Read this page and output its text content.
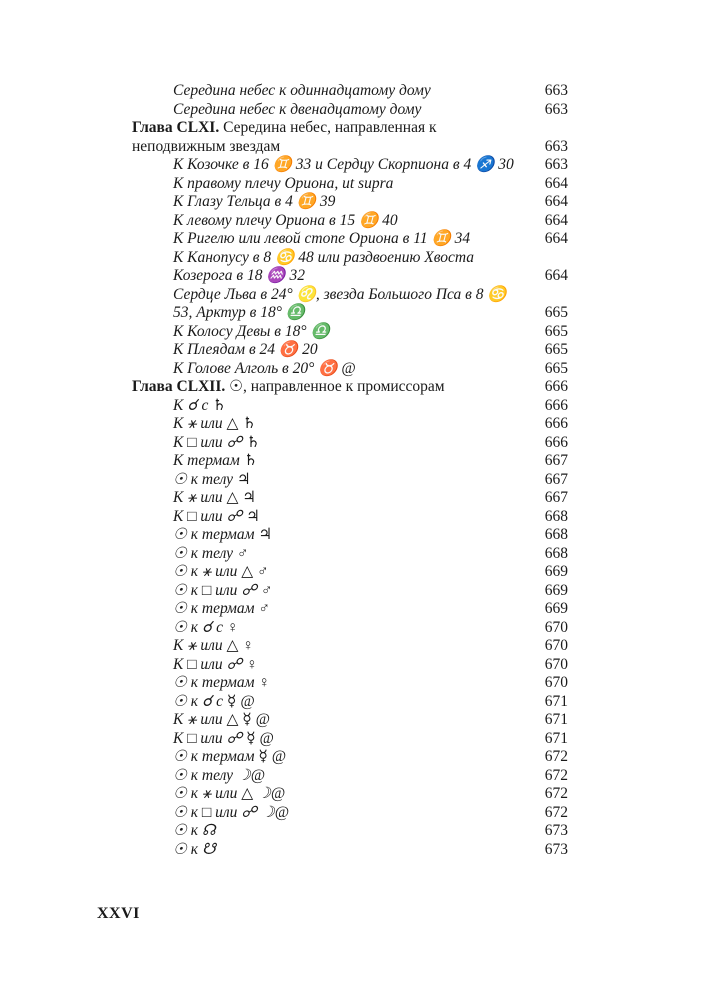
Середина небес к одиннадцатому дому	663
Середина небес к двенадцатому дому	663
Глава CLXI. Середина небес, направленная к неподвижным звездам	663
К Козочке в 16 ♊ 33 и Сердцу Скорпиона в 4 ♐ 30	663
К правому плечу Ориона, ut supra	664
К Глазу Тельца в 4 ♊ 39	664
К левому плечу Ориона в 15 ♊ 40	664
К Ригелю или левой стопе Ориона в 11 ♊ 34	664
К Канопусу в 8 ♋ 48 или раздвоению Хвоста Козерога в 18 ♒ 32	664
Сердце Льва в 24° ♌, звезда Большого Пса в 8 ♋ 53, Арктур в 18° ♎	665
К Колосу Девы в 18° ♎	665
К Плеядам в 24 ♉ 20	665
К Голове Алголь в 20° ♉ @	665
Глава CLXII. ☉, направленное к промиссорам	666
К ☌ с ♄	666
К ⚹ или △ ♄	666
К □ или ☍ ♄	666
К термам ♄	667
☉ к телу ♃	667
К ⚹ или △ ♃	667
К □ или ☍ ♃	668
☉ к термам ♃	668
☉ к телу ♂	668
☉ к ⚹ или △ ♂	669
☉ к □ или ☍ ♂	669
☉ к термам ♂	669
☉ к ☌ с ♀	670
К ⚹ или △ ♀	670
К □ или ☍ ♀	670
☉ к термам ♀	670
☉ к ☌ с ☿ @	671
К ⚹ или △ ☿ @	671
К □ или ☍ ☿ @	671
☉ к термам ☿ @	672
☉ к телу ☽@	672
☉ к ⚹ или △ ☽@	672
☉ к □ или ☍ ☽@	672
☉ к ☊	673
☉ к ☋	673
XXVI
